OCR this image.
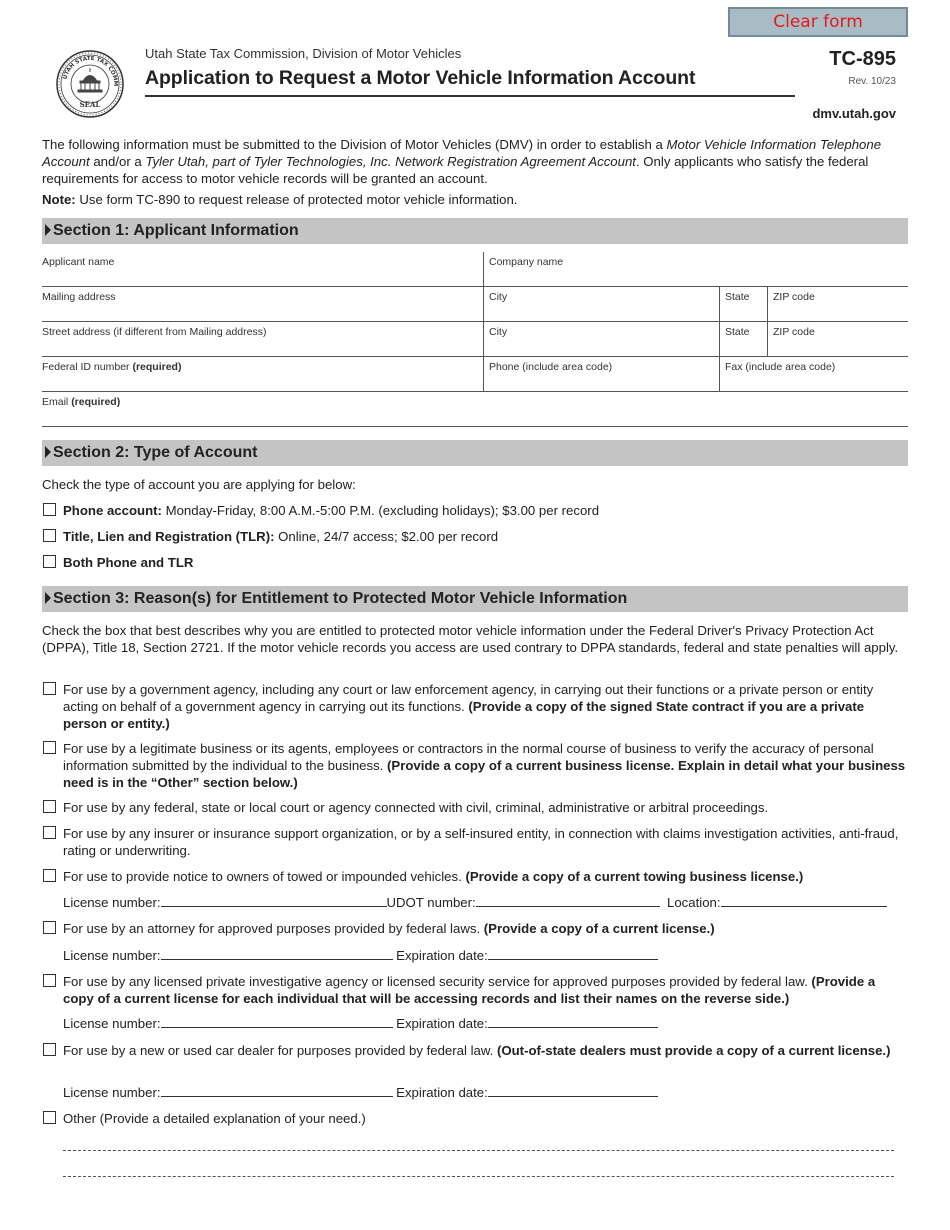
Clear form
UTAH STATE TAX COMM
SEAL
Utah State Tax Commission, Division of Motor Vehicles
Application to Request a Motor Vehicle Information Account
TC-895
Rev. 10/23
dmv.utah.gov
The following information must be submitted to the Division of Motor Vehicles (DMV) in order to establish a Motor Vehicle Information Telephone Account and/or a Tyler Utah, part of Tyler Technologies, Inc. Network Registration Agreement Account. Only applicants who satisfy the federal requirements for access to motor vehicle records will be granted an account.
Note: Use form TC-890 to request release of protected motor vehicle information.
Section 1: Applicant Information
Applicant name	Company name
Mailing address	City	State	ZIP code
Street address (if different from Mailing address)	City	State	ZIP code
Federal ID number (required)	Phone (include area code)	Fax (include area code)
Email (required)
Section 2: Type of Account
Check the type of account you are applying for below:
Phone account: Monday-Friday, 8:00 A.M.-5:00 P.M. (excluding holidays); $3.00 per record
Title, Lien and Registration (TLR): Online, 24/7 access; $2.00 per record
Both Phone and TLR
Section 3: Reason(s) for Entitlement to Protected Motor Vehicle Information
Check the box that best describes why you are entitled to protected motor vehicle information under the Federal Driver's Privacy Protection Act (DPPA), Title 18, Section 2721. If the motor vehicle records you access are used contrary to DPPA standards, federal and state penalties will apply.
For use by a government agency, including any court or law enforcement agency, in carrying out their functions or a private person or entity acting on behalf of a government agency in carrying out its functions. (Provide a copy of the signed State contract if you are a private person or entity.)
For use by a legitimate business or its agents, employees or contractors in the normal course of business to verify the accuracy of personal information submitted by the individual to the business. (Provide a copy of a current business license. Explain in detail what your business need is in the “Other” section below.)
For use by any federal, state or local court or agency connected with civil, criminal, administrative or arbitral proceedings.
For use by any insurer or insurance support organization, or by a self-insured entity, in connection with claims investigation activities, anti-fraud, rating or underwriting.
For use to provide notice to owners of towed or impounded vehicles. (Provide a copy of a current towing business license.)
License number:	UDOT number:	Location:
For use by an attorney for approved purposes provided by federal laws. (Provide a copy of a current license.)
License number:	Expiration date:
For use by any licensed private investigative agency or licensed security service for approved purposes provided by federal law. (Provide a copy of a current license for each individual that will be accessing records and list their names on the reverse side.)
License number:	Expiration date:
For use by a new or used car dealer for purposes provided by federal law. (Out-of-state dealers must provide a copy of a current license.)
License number:	Expiration date:
Other (Provide a detailed explanation of your need.)
